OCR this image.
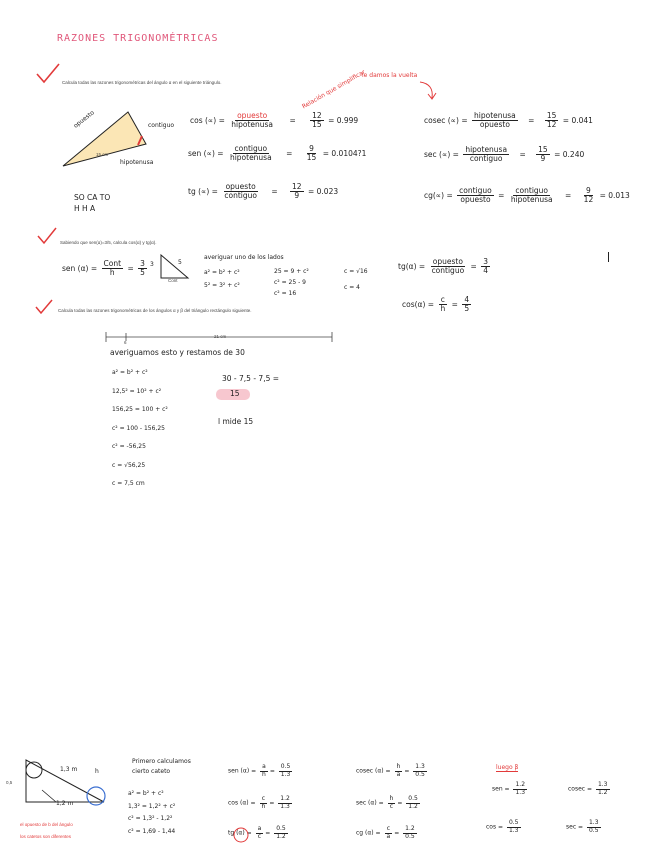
RAZONES TRIGONOMÉTRICAS
Calcula todas las razones trigonométricas del ángulo α en el siguiente triángulo.
opuesto	contiguo
hipotenusa
15 cm
SO CA TO
H H A
Relación que simplificar
le damos la vuelta
cos (∝) = $\frac{\text{opuesto}}{\text{hipotenusa}} = \frac{12}{15} = 0.999$
sen (∝) = $\frac{\text{contiguo}}{\text{hipotenusa}} = \frac{9}{15}$ = 0.0104?1
tg (∝) = $\frac{\text{opuesto}}{\text{contiguo}} = \frac{12}{9} = 0.023$
cosec (∝) = $\frac{\text{hipotenusa}}{\text{opuesto}} = \frac{15}{12} = 0.041$
sec (∝) = $\frac{\text{hipotenusa}}{\text{contiguo}} = \frac{15}{9} = 0.240$
$cg(\propto) = \frac{\text{contiguo}}{\text{opuesto}} = \frac{\text{contiguo}}{\text{hipotenusa}} = \frac{9}{12} = 0.013$
Sabiendo que sen(α)=3/5, calcula cos(α) y tg(α).
sen $(\alpha) = \frac{\text{Cont}}{h} = \frac{3}{5} 3$	5
Cont
averiguar uno de los lados
a² = b² + c²
5² = 3² + c²
25 = 9 + c²
c² = 25 - 9
c² = 16
c = √16
c = 4
$tg(\alpha) = \frac{\text{opuesto}}{\text{contiguo}} = \frac{3}{4}$
$\cos(\alpha) = \frac{c}{h} = \frac{4}{5}$
Calcula todas las razones trigonométricas de los ángulos α y β del triángulo rectángulo siguiente.
21 cm
6
averiguamos esto y restamos de 30
a² = b² + c²
12,5² = 10² + c²
156,25 = 100 + c²
c² = 100 - 156,25
c² = -56,25
c = √56,25
c = 7,5 cm
30 - 7,5 - 7,5 =
15
l mide 15
0,5
1,3 m	h
1,2 m
el opuesto de b del ángulo
los catetos son diferentes
Primero calculamos
cierto cateto
a² = b² + c²
1,3² = 1,2² + c²
c² = 1,3² - 1,2²
c² = 1,69 - 1,44
sen $(\alpha) = \frac{a}{h} = \frac{0.5}{1.3}$
$\cos (\alpha) = \frac{c}{h} = \frac{1.2}{1.3}$
tg $(\alpha) = \frac{a}{c} = \frac{0.5}{1.2}$
cosec $(\alpha) = \frac{h}{a} = \frac{1.3}{0.5}$
$\sec (\alpha) = \frac{h}{c} = \frac{0.5}{1.2}$
cg $(\alpha) = \frac{c}{a} = \frac{1.2}{0.5}$
luego β
sen = $\frac{1.2}{1.3}$	$cosec = \frac{1.3}{1.2}$
$\cos = \frac{0.5}{1.3}$	$\sec = \frac{1.3}{0.5}$
